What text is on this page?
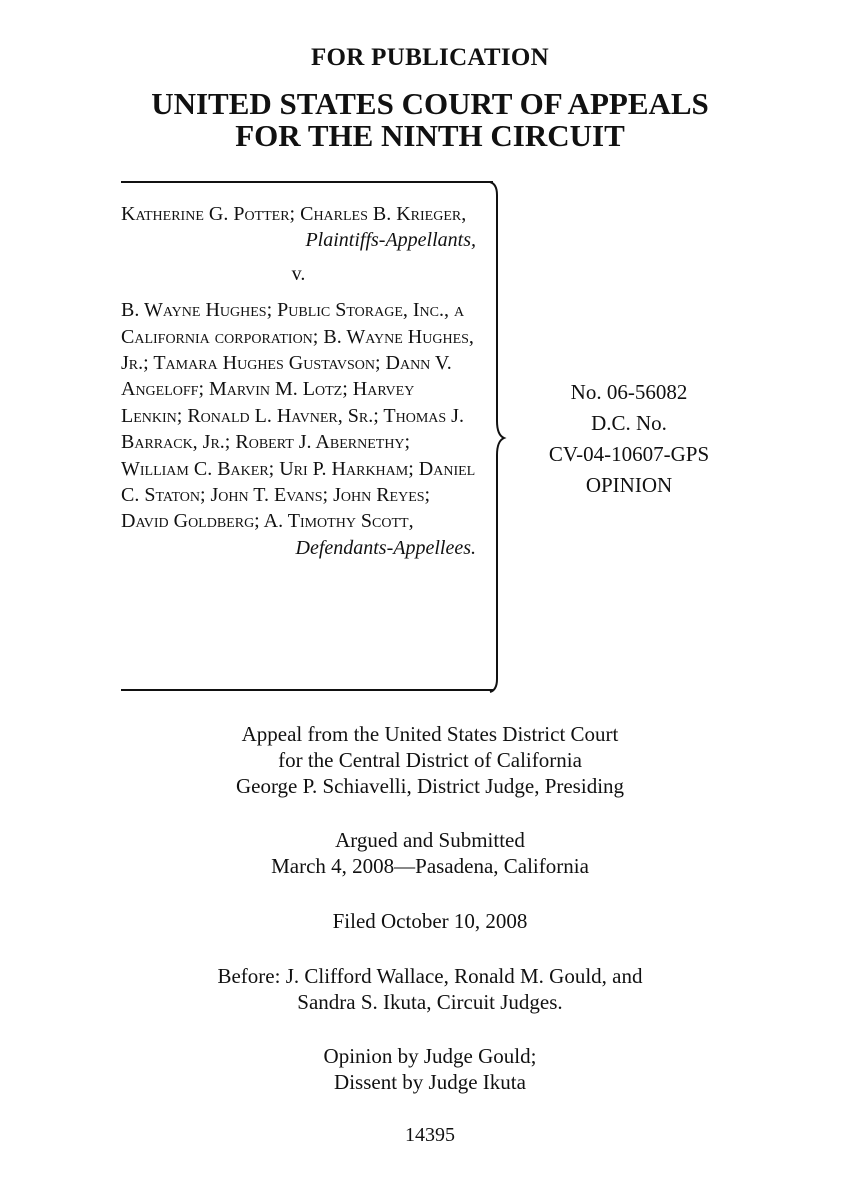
FOR PUBLICATION
UNITED STATES COURT OF APPEALS
FOR THE NINTH CIRCUIT
Katherine G. Potter; Charles B. Krieger,
Plaintiffs-Appellants,
v.
B. Wayne Hughes; Public Storage, Inc., a California corporation; B. Wayne Hughes, Jr.; Tamara Hughes Gustavson; Dann V. Angeloff; Marvin M. Lotz; Harvey Lenkin; Ronald L. Havner, Sr.; Thomas J. Barrack, Jr.; Robert J. Abernethy; William C. Baker; Uri P. Harkham; Daniel C. Staton; John T. Evans; John Reyes; David Goldberg; A. Timothy Scott,
Defendants-Appellees.
No. 06-56082
D.C. No.
CV-04-10607-GPS
OPINION
Appeal from the United States District Court
for the Central District of California
George P. Schiavelli, District Judge, Presiding
Argued and Submitted
March 4, 2008—Pasadena, California
Filed October 10, 2008
Before: J. Clifford Wallace, Ronald M. Gould, and
Sandra S. Ikuta, Circuit Judges.
Opinion by Judge Gould;
Dissent by Judge Ikuta
14395
